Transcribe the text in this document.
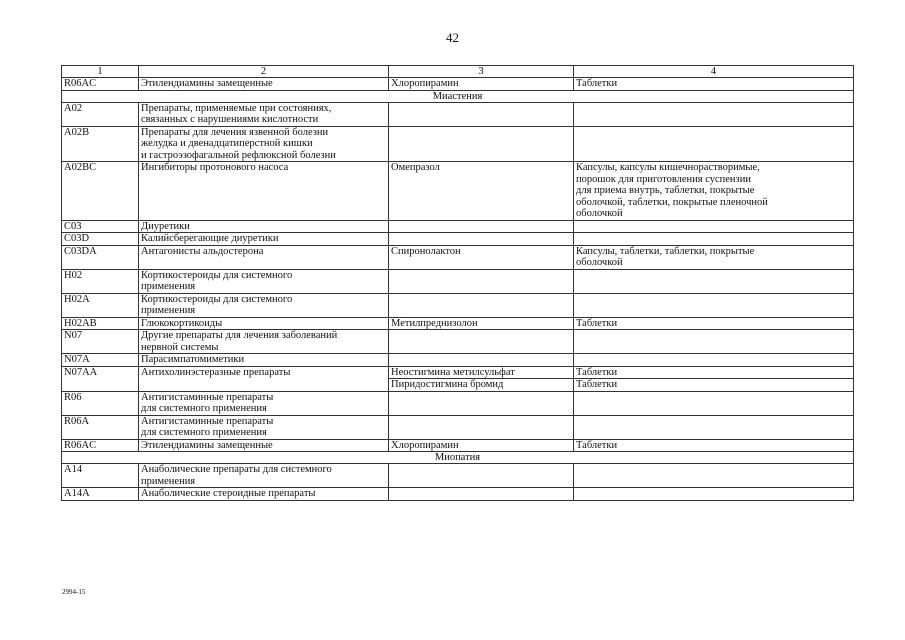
42
1	2	3	4
R06AC	Этилендиамины замещенные	Хлоропирамин	Таблетки
Миастения			
A02	Препараты, применяемые при состояниях,
связанных с нарушениями кислотности		
A02B	Препараты для лечения язвенной болезни
желудка и двенадцатиперстной кишки
и гастроэзофагальной рефлюксной болезни		
A02BC	Ингибиторы протонового насоса	Омепразол	Капсулы, капсулы кишечнорастворимые,
порошок для приготовления суспензии
для приема внутрь, таблетки, покрытые
оболочкой, таблетки, покрытые пленочной
оболочкой
C03	Диуретики		
C03D	Калийсберегающие диуретики		
C03DA	Антагонисты альдостерона	Спиронолактон	Капсулы, таблетки, таблетки, покрытые
оболочкой
H02	Кортикостероиды для системного
применения		
H02A	Кортикостероиды для системного
применения		
H02AB	Глюкокортикоиды	Метилпреднизолон	Таблетки
N07	Другие препараты для лечения заболеваний
нервной системы		
N07A	Парасимпатомиметики		
N07AA	Антихолинэстеразные препараты	Неостигмина метилсульфат	Таблетки
		Пиридостигмина бромид	Таблетки
R06	Антигистаминные препараты
для системного применения		
R06A	Антигистаминные препараты
для системного применения		
R06AC	Этилендиамины замещенные	Хлоропирамин	Таблетки
Миопатия			
A14	Анаболические препараты для системного
применения		
A14A	Анаболические стероидные препараты		
2994-15
